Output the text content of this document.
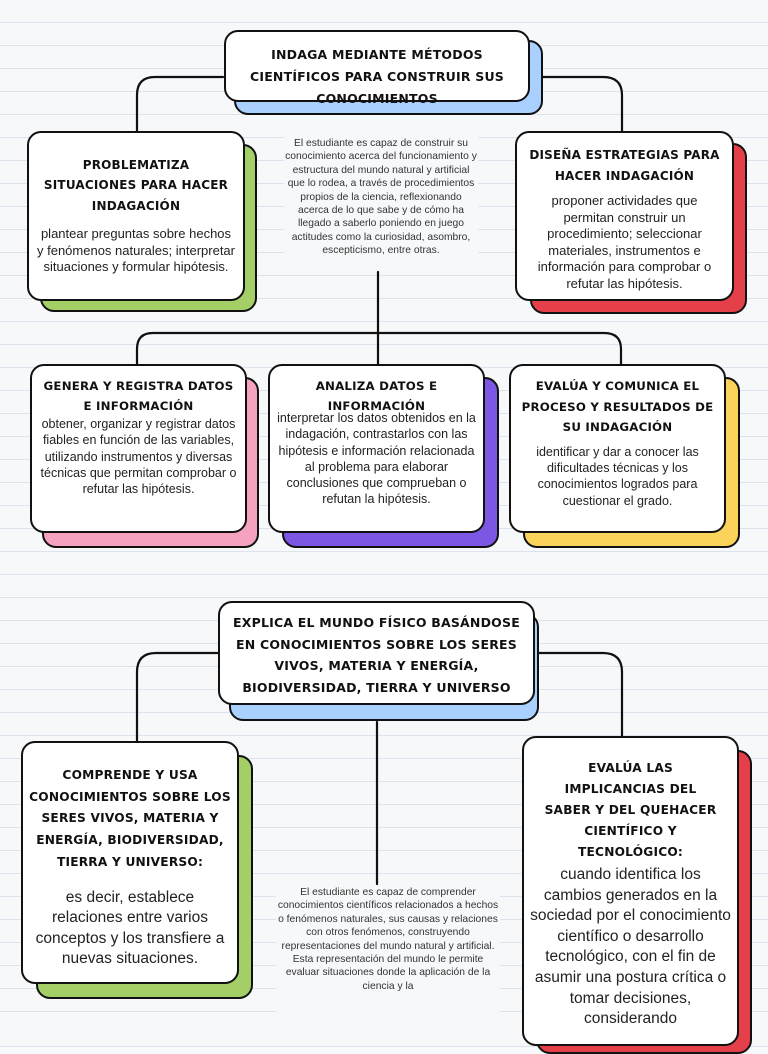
INDAGA MEDIANTE MÉTODOS CIENTÍFICOS PARA CONSTRUIR SUS CONOCIMIENTOS
El estudiante es capaz de construir su conocimiento acerca del funcionamiento y estructura del mundo natural y artificial que lo rodea, a través de procedimientos propios de la ciencia, reflexionando acerca de lo que sabe y de cómo ha llegado a saberlo poniendo en juego actitudes como la curiosidad, asombro, escepticismo, entre otras.
PROBLEMATIZA SITUACIONES PARA HACER INDAGACIÓN
plantear preguntas sobre hechos y fenómenos naturales; interpretar situaciones y formular hipótesis.
DISEÑA ESTRATEGIAS PARA HACER INDAGACIÓN
proponer actividades que permitan construir un procedimiento; seleccionar materiales, instrumentos e información para comprobar o refutar las hipótesis.
GENERA Y REGISTRA DATOS E INFORMACIÓN
obtener, organizar y registrar datos fiables en función de las variables, utilizando instrumentos y diversas técnicas que permitan comprobar o refutar las hipótesis.
ANALIZA DATOS E INFORMACIÓN
interpretar los datos obtenidos en la indagación, contrastarlos con las hipótesis e información relacionada al problema para elaborar conclusiones que comprueban o refutan la hipótesis.
EVALÚA Y COMUNICA EL PROCESO Y RESULTADOS DE SU INDAGACIÓN
identificar y dar a conocer las dificultades técnicas y los conocimientos logrados para cuestionar el grado.
EXPLICA EL MUNDO FÍSICO BASÁNDOSE EN CONOCIMIENTOS SOBRE LOS SERES VIVOS, MATERIA Y ENERGÍA, BIODIVERSIDAD, TIERRA Y UNIVERSO
El estudiante es capaz de comprender conocimientos científicos relacionados a hechos o fenómenos naturales, sus causas y relaciones con otros fenómenos, construyendo representaciones del mundo natural y artificial. Esta representación del mundo le permite evaluar situaciones donde la aplicación de la ciencia y la
COMPRENDE Y USA CONOCIMIENTOS SOBRE LOS SERES VIVOS, MATERIA Y ENERGÍA, BIODIVERSIDAD, TIERRA Y UNIVERSO:
es decir, establece relaciones entre varios conceptos y los transfiere a nuevas situaciones.
EVALÚA LAS IMPLICANCIAS DEL SABER Y DEL QUEHACER CIENTÍFICO Y TECNOLÓGICO:
cuando identifica los cambios generados en la sociedad por el conocimiento científico o desarrollo tecnológico, con el fin de asumir una postura crítica o tomar decisiones, considerando
